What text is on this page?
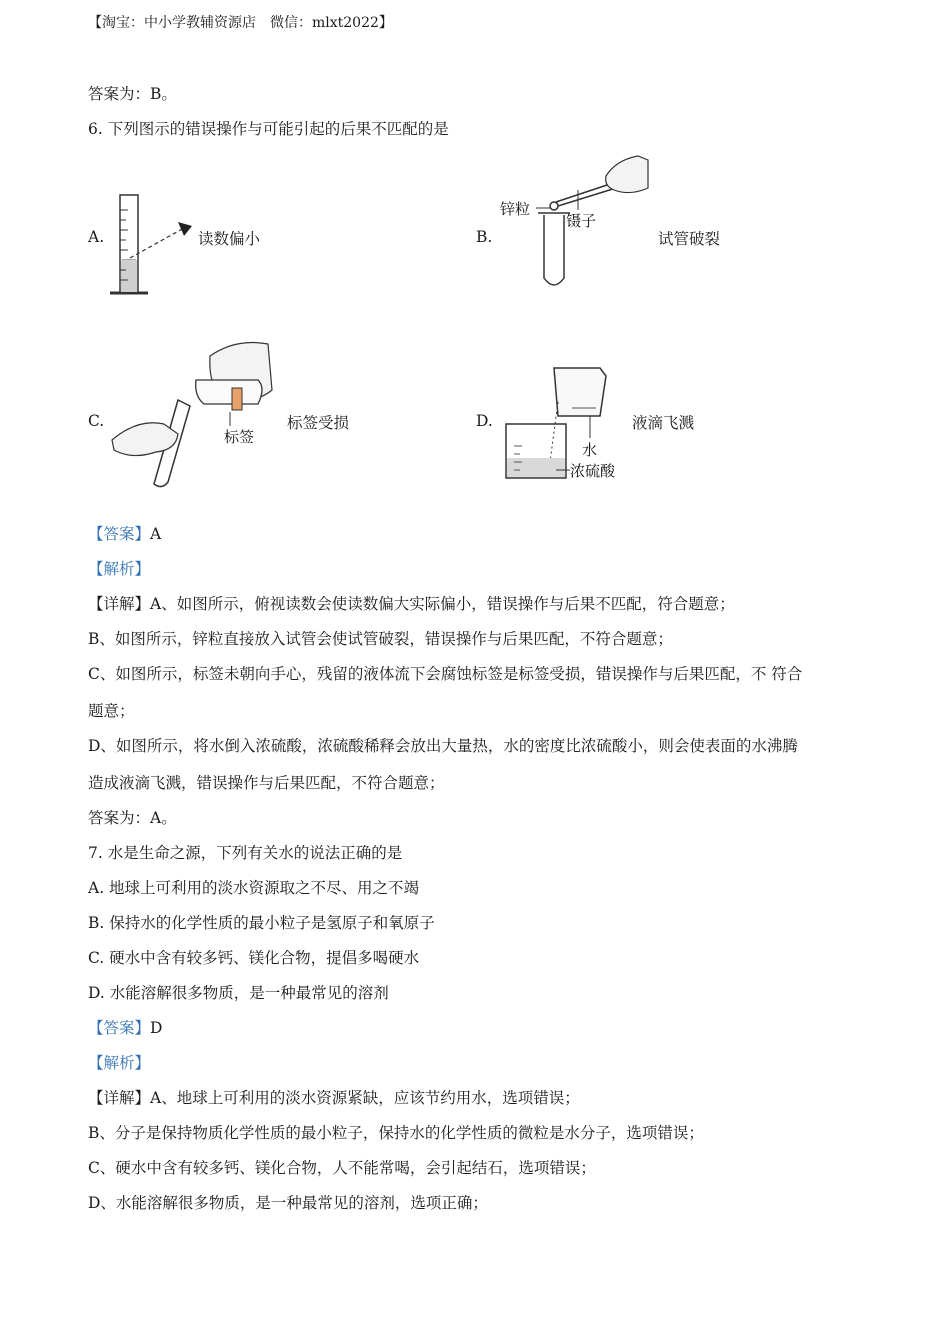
【淘宝：中小学教辅资源店　微信：mlxt2022】
答案为：B。
6. 下列图示的错误操作与可能引起的后果不匹配的是
A.	读数偏小	B.
锌粒
镊子
试管破裂
C.
标签
标签受损	D.
水
浓硫酸
液滴飞溅
【答案】A
【解析】
【详解】A、如图所示，俯视读数会使读数偏大实际偏小，错误操作与后果不匹配，符合题意；
B、如图所示，锌粒直接放入试管会使试管破裂，错误操作与后果匹配，不符合题意；
C、如图所示，标签未朝向手心，残留的液体流下会腐蚀标签是标签受损，错误操作与后果匹配，不 符合
题意；
D、如图所示，将水倒入浓硫酸，浓硫酸稀释会放出大量热，水的密度比浓硫酸小，则会使表面的水沸腾
造成液滴飞溅，错误操作与后果匹配，不符合题意；
答案为：A。
7. 水是生命之源，下列有关水的说法正确的是
A. 地球上可利用的淡水资源取之不尽、用之不竭
B. 保持水的化学性质的最小粒子是氢原子和氧原子
C. 硬水中含有较多钙、镁化合物，提倡多喝硬水
D. 水能溶解很多物质，是一种最常见的溶剂
【答案】D
【解析】
【详解】A、地球上可利用的淡水资源紧缺，应该节约用水，选项错误；
B、分子是保持物质化学性质的最小粒子，保持水的化学性质的微粒是水分子，选项错误；
C、硬水中含有较多钙、镁化合物，人不能常喝，会引起结石，选项错误；
D、水能溶解很多物质，是一种最常见的溶剂，选项正确；
